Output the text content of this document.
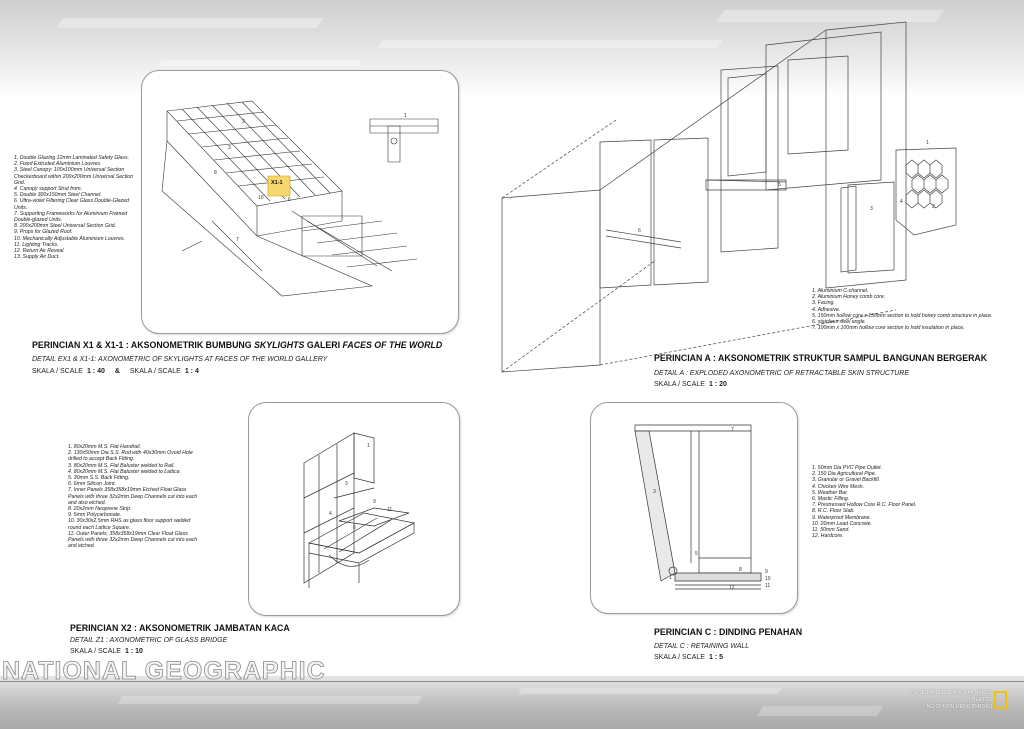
1. Double Glazing 12mm Laminated Safety Glass.
2. Fixed Extruded Aluminium Louvres.
3. Steel Canopy: 100x100mm Universal Section Checkerboard within 200x200mm Universal Section Grid.
4. Canopy support Strut from.
5. Double 300x150mm Steel Channel.
6. Ultra-violet Filtering Clear Glass Double-Glazed Units.
7. Supporting Frameworks for Aluminium Framed Double-glazed Units.
8. 200x200mm Steel Universal Section Grid.
9. Props for Glazed Roof.
10. Mechanically Adjustable Aluminium Louvres.
11. Lighting Tracks.
12. Return Air Reveal.
13. Supply Air Duct.
X1-1
2
3
8
10	6
7
1
PERINCIAN X1 & X1-1 : AKSONOMETRIK BUMBUNG SKYLIGHTS GALERI FACES OF THE WORLD
DETAIL EX1 & X1-1: AXONOMETRIC OF SKYLIGHTS AT FACES OF THE WORLD GALLERY
SKALA / SCALE 1 : 40 & SKALA / SCALE 1 : 4
3
4
1
2
5
6
1. Aluminium C-channel.
2. Aluminium Honey comb core.
3. Facing.
4. Adhesive.
5. 150mm hollow core x 150mm section to hold honey comb structure in place.
6. stainless steel angle.
7. 100mm x 100mm hollow core section to hold insulation in place.
PERINCIAN A : AKSONOMETRIK STRUKTUR SAMPUL BANGUNAN BERGERAK
DETAIL A : EXPLODED AXONOMETRIC OF RETRACTABLE SKIN STRUCTURE
SKALA / SCALE 1 : 20
1. 80x20mm M.S. Flat Handrail.
2. 130x50mm Dia S.S. Rod with 40x30mm Ovoid Hole drilled to accept Back Fitting.
3. 80x20mm M.S. Flat Baluster welded to Rail.
4. 80x20mm M.S. Flat Baluster welded to Lattice.
5. 30mm S.S. Back Fitting.
6. 6mm Silicon Joint.
7. Inner Panels 358x358x19mm Etched Float Glass Panels with three 32x2mm Deep Channels cut into each and also etched.
8. 20x2mm Neoprene Strip.
9. 5mm Polycarbonate.
10. 30x30x2.5mm RHS as glass floor support welded round each Lattice Square.
11. Outer Panels; 358x358x19mm Clear Float Glass Panels with three 32x2mm Deep Channels cut into each and etched.
1
3
4
6
11
9
PERINCIAN X2 : AKSONOMETRIK JAMBATAN KACA
DETAIL Z1 : AXONOMETRIC OF GLASS BRIDGE
SKALA / SCALE 1 : 10
7
3
5
1
9
10
11
12
8
1. 50mm Dia PVC Pipe Outlet.
2. 150 Dia Agricultural Pipe.
3. Granular or Gravel Backfill.
4. Chicken Wire Mesh.
5. Weather Bar.
6. Mastic Filling.
7. Prestressed Hollow Core R.C. Floor Panel.
8. R.C. Floor Slab.
9. Waterproof Membrane.
10. 20mm Lead Concrete.
11. 50mm Sand.
12. Hardcore.
PERINCIAN C : DINDING PENAHAN
DETAIL C : RETAINING WALL
SKALA / SCALE 1 : 5
NATIONAL GEOGRAPHIC
THE URBAN EDUCATIONAL NEXUS
SHEET 02
NG CHOON MENG [PATRIK]
